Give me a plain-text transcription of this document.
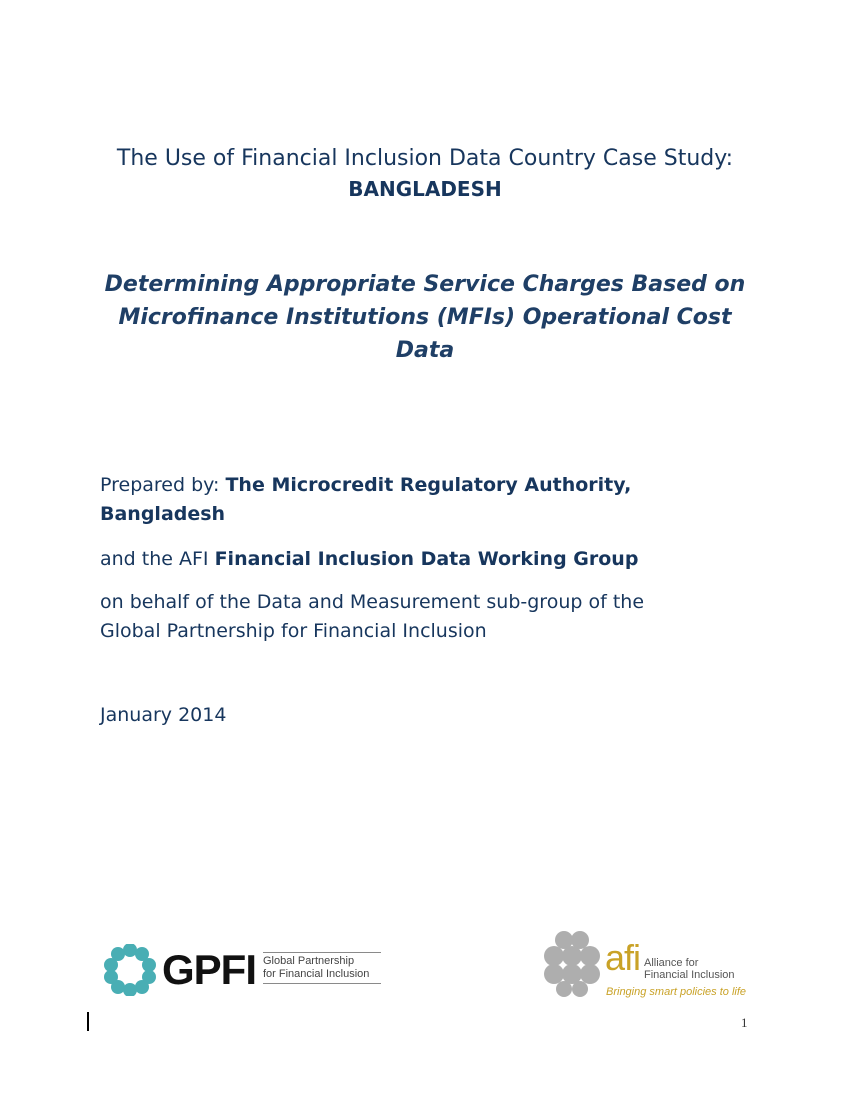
The Use of Financial Inclusion Data Country Case Study:
BANGLADESH
Determining Appropriate Service Charges Based on
Microfinance Institutions (MFIs) Operational Cost
Data
Prepared by: The Microcredit Regulatory Authority,
Bangladesh
and the AFI Financial Inclusion Data Working Group
on behalf of the Data and Measurement sub-group of the
Global Partnership for Financial Inclusion
January 2014
GPFI Global Partnership
for Financial Inclusion	afi Alliance for
Financial Inclusion
Bringing smart policies to life
1
